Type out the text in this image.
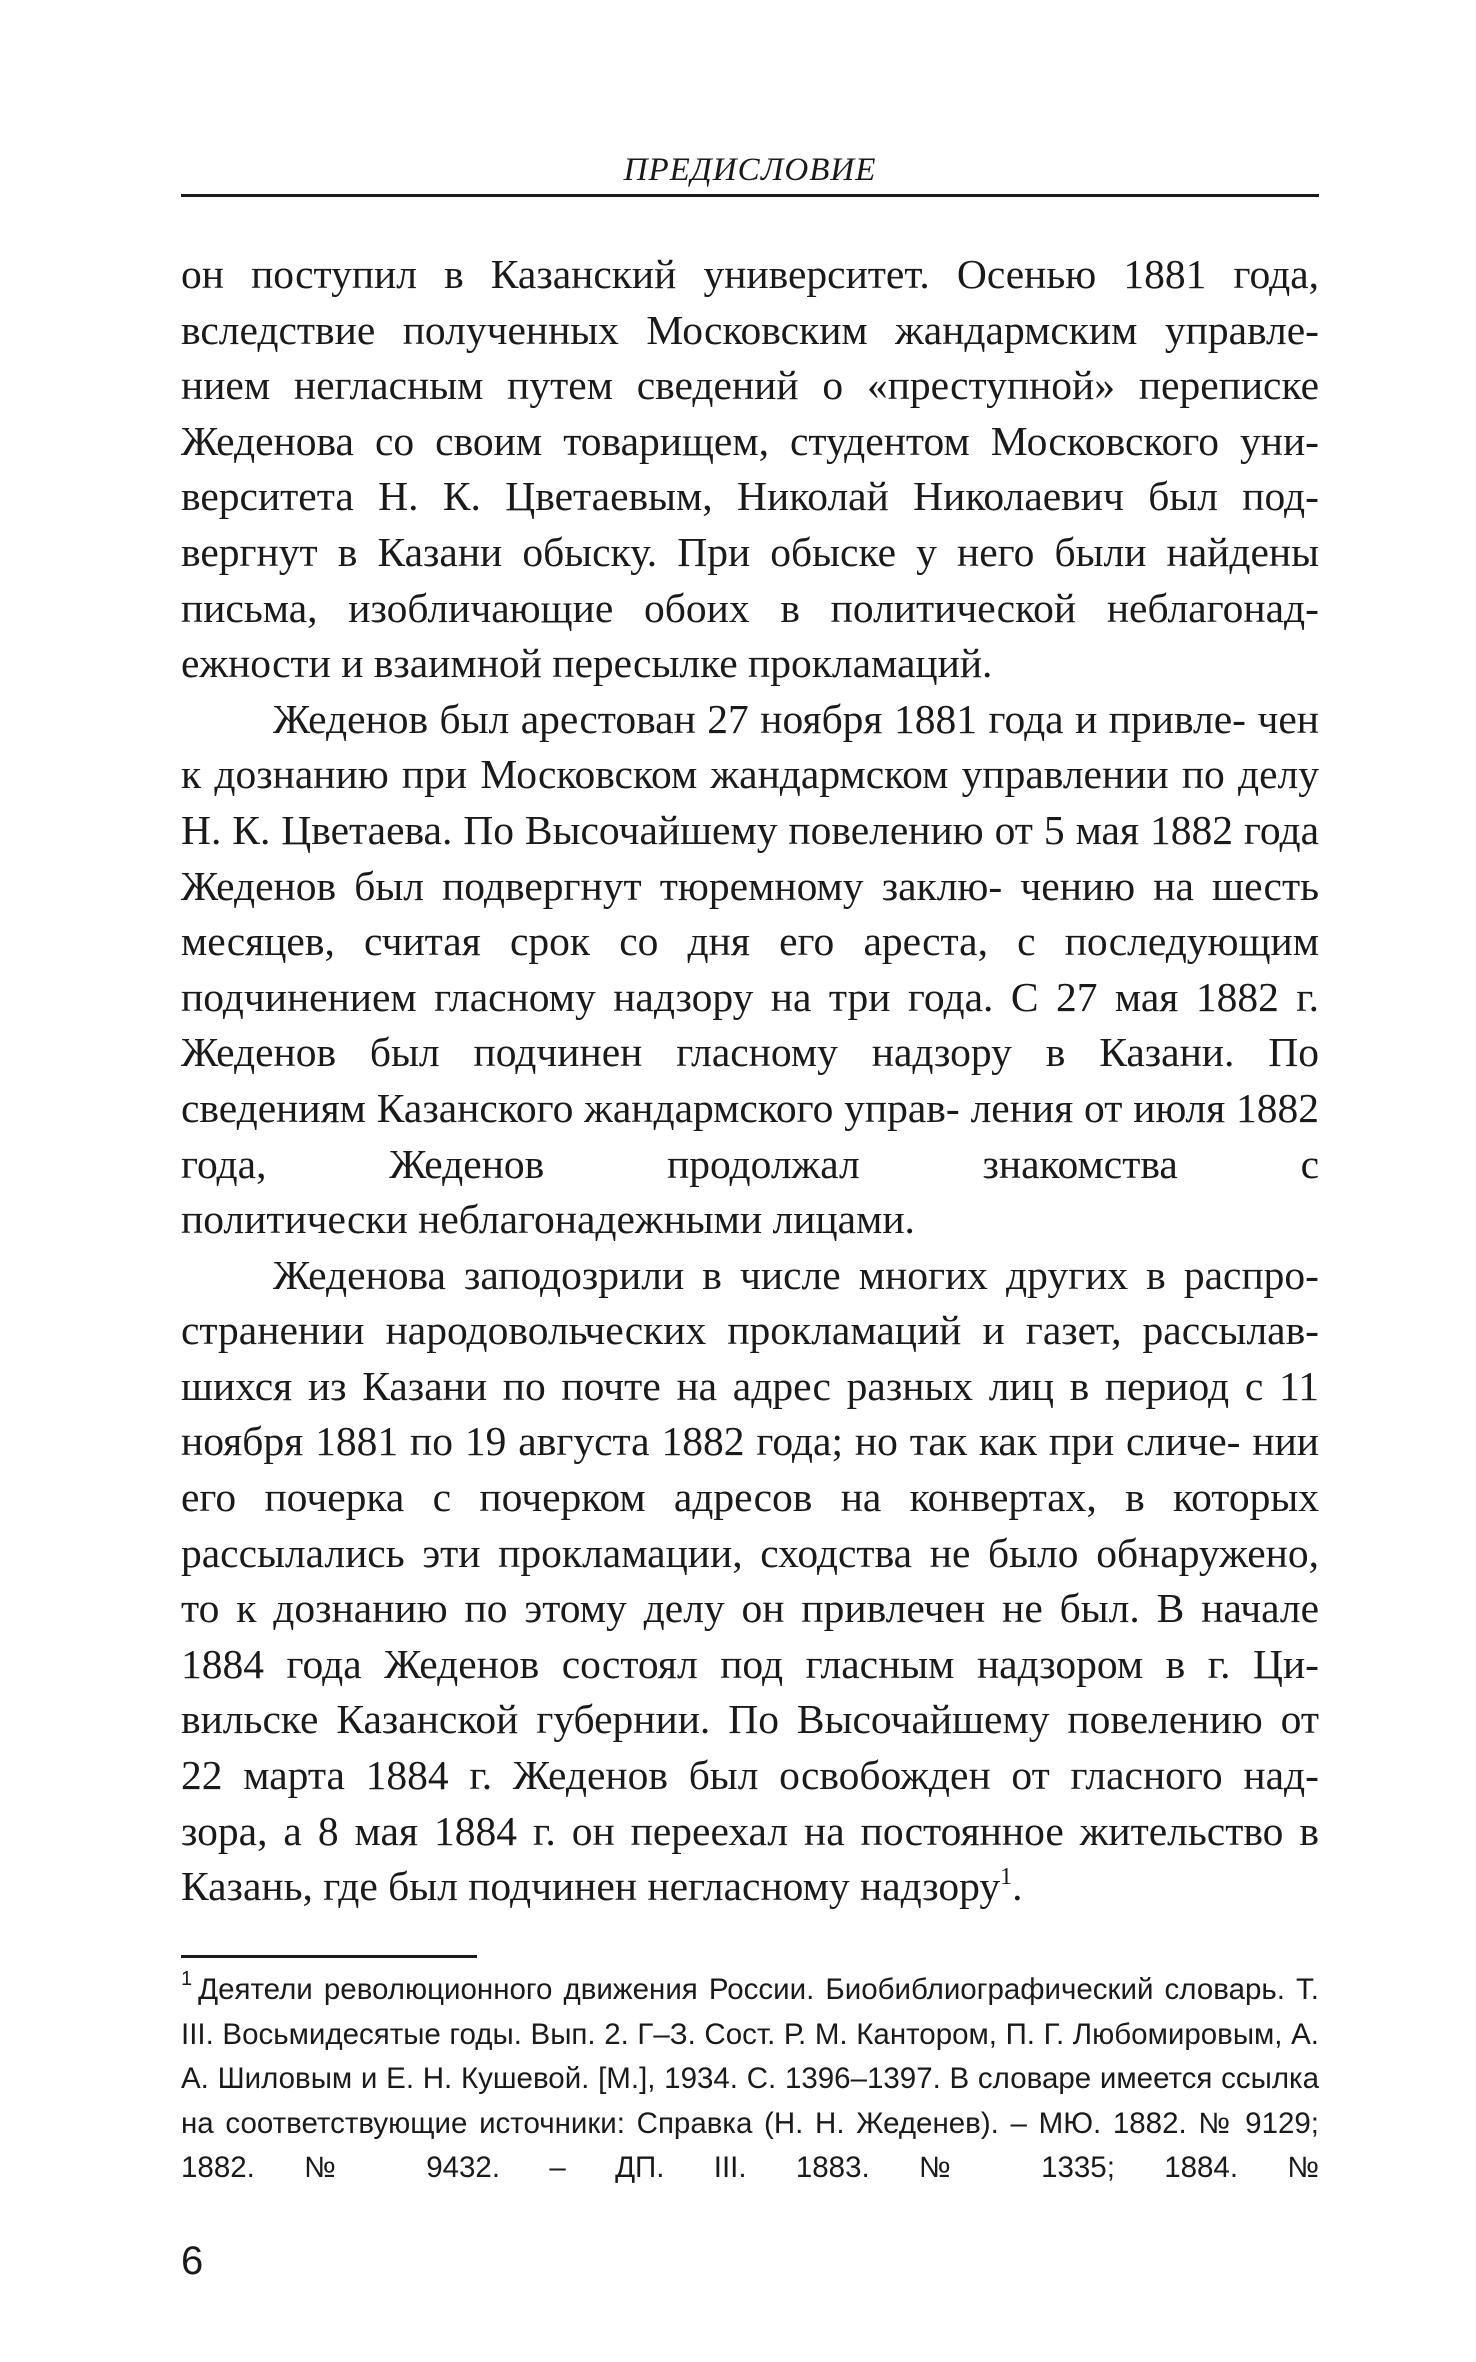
ПРЕДИСЛОВИЕ

он поступил в Казанский университет. Осенью 1881 года, вследствие полученных Московским жандармским управле- нием негласным путем сведений о «преступной» переписке Жеденова со своим товарищем, студентом Московского уни- верситета Н. К. Цветаевым, Николай Николаевич был под- вергнут в Казани обыску. При обыске у него были найдены письма, изобличающие обоих в политической неблагонад-

ежности и взаимной пересылке прокламаций.

Жеденов был арестован 27 ноября 1881 года и привле- чен к дознанию при Московском жандармском управлении по делу Н. К. Цветаева. По Высочайшему повелению от 5 мая 1882 года Жеденов был подвергнут тюремному заклю- чению на шесть месяцев, считая срок со дня его ареста, с последующим подчинением гласному надзору на три года. С 27 мая 1882 г. Жеденов был подчинен гласному надзору в Казани. По сведениям Казанского жандармского управ- ления от июля 1882 года, Жеденов продолжал знакомства с

политически неблагонадежными лицами.

Жеденова заподозрили в числе многих других в распро- странении народовольческих прокламаций и газет, рассылав- шихся из Казани по почте на адрес разных лиц в период с 11 ноября 1881 по 19 августа 1882 года; но так как при сличе- нии его почерка с почерком адресов на конвертах, в которых рассылались эти прокламации, сходства не было обнаружено, то к дознанию по этому делу он привлечен не был. В начале 1884 года Жеденов состоял под гласным надзором в г. Ци- вильске Казанской губернии. По Высочайшему повелению от 22 марта 1884 г. Жеденов был освобожден от гласного над- зора, а 8 мая 1884 г. он переехал на постоянное жительство в

Казань, где был подчинен негласному надзору$^1$.

$^1$ Деятели революционного движения России. Биобиблиографический словарь. Т. III. Восьмидесятые годы. Вып. 2. Г–З. Сост. Р. М. Кантором, П. Г. Любомировым, А. А. Шиловым и Е. Н. Кушевой. [М.], 1934. С. 1396–1397. В словаре имеется ссылка на соответствующие источники: Справка (Н. Н. Жеденев). – МЮ. 1882. № 9129; 1882. № 9432. – ДП. III. 1883. № 1335; 1884. №

6
